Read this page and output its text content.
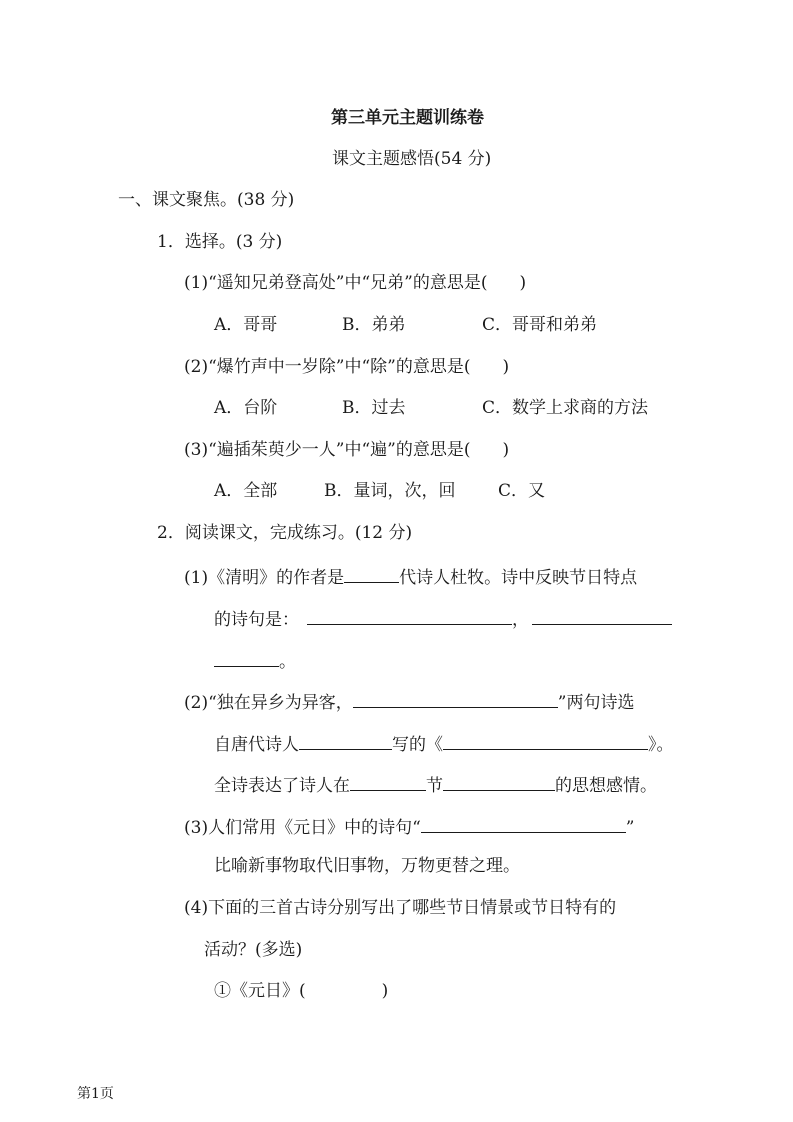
第三单元主题训练卷
课文主题感悟(54 分)
一、课文聚焦。(38 分)
1．选择。(3 分)
(1)“遥知兄弟登高处”中“兄弟”的意思是( )
A．哥哥	B．弟弟	C．哥哥和弟弟
(2)“爆竹声中一岁除”中“除”的意思是( )
A．台阶	B．过去	C．数学上求商的方法
(3)“遍插茱萸少一人”中“遍”的意思是( )
A．全部	B．量词，次，回	C．又
2．阅读课文，完成练习。(12 分)
(1)《清明》的作者是	代诗人杜牧。诗中反映节日特点
的诗句是：	，
。
(2)“独在异乡为异客，	”两句诗选
自唐代诗人	写的《	》。
全诗表达了诗人在	节	的思想感情。
(3)人们常用《元日》中的诗句“	”
比喻新事物取代旧事物，万物更替之理。
(4)下面的三首古诗分别写出了哪些节日情景或节日特有的
活动？(多选)
①《元日》(	)
第1页
